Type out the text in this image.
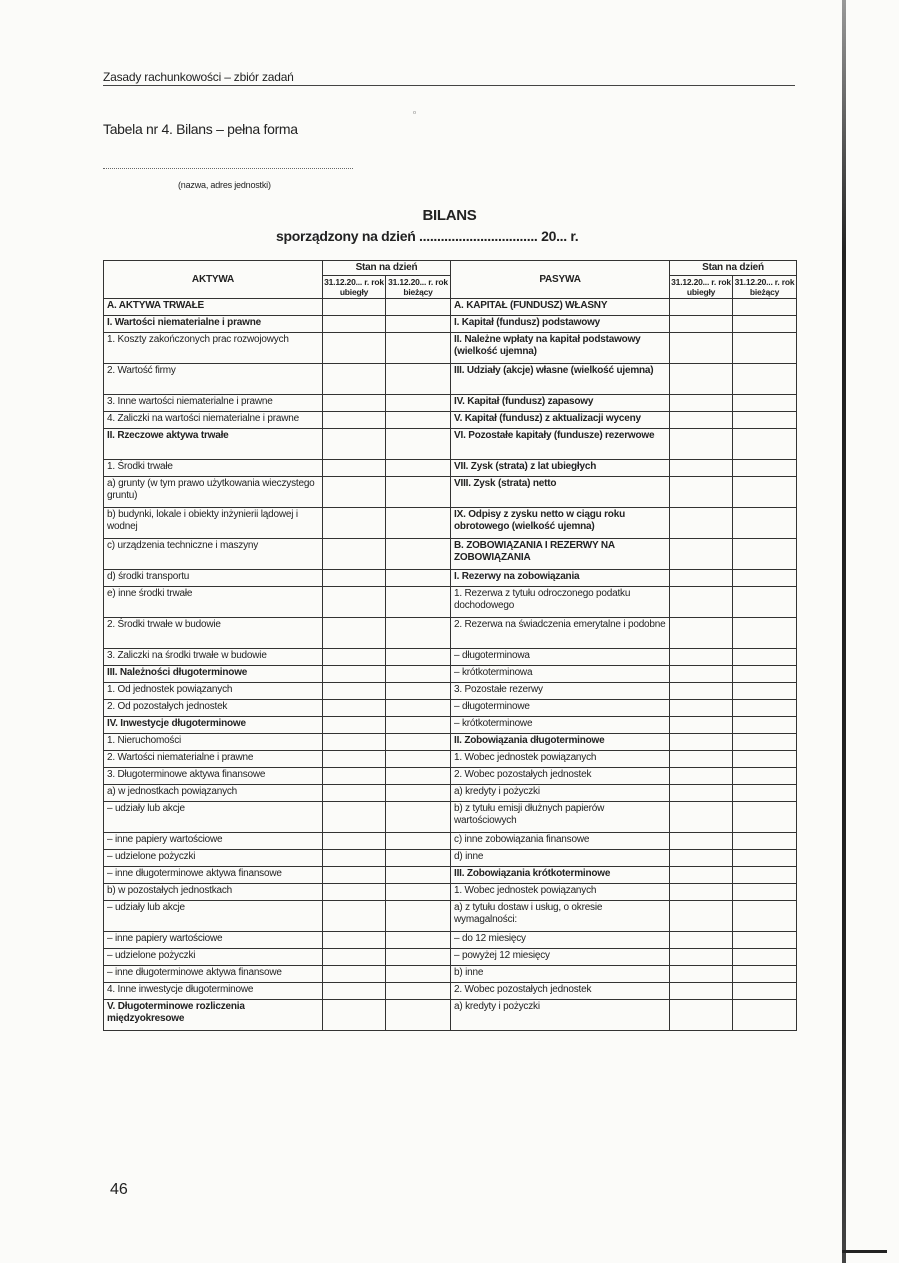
Zasady rachunkowości – zbiór zadań
ᵒ
Tabela nr 4. Bilans – pełna forma
(nazwa, adres jednostki)
BILANS
sporządzony na dzień ................................. 20... r.
AKTYWA	Stan na dzień		PASYWA	Stan na dzień	
	31.12.20... r. rok ubiegły	31.12.20... r. rok bieżący		31.12.20... r. rok ubiegły	31.12.20... r. rok bieżący
A. AKTYWA TRWAŁE			A. KAPITAŁ (FUNDUSZ) WŁASNY		
I. Wartości niematerialne i prawne			I. Kapitał (fundusz) podstawowy		
1. Koszty zakończonych prac rozwojowych			II. Należne wpłaty na kapitał podstawowy (wielkość ujemna)		
2. Wartość firmy			III. Udziały (akcje) własne (wielkość ujemna)		
3. Inne wartości niematerialne i prawne			IV. Kapitał (fundusz) zapasowy		
4. Zaliczki na wartości niematerialne i prawne			V. Kapitał (fundusz) z aktualizacji wyceny		
II. Rzeczowe aktywa trwałe			VI. Pozostałe kapitały (fundusze) rezerwowe		
1. Środki trwałe			VII. Zysk (strata) z lat ubiegłych		
a) grunty (w tym prawo użytkowania wieczystego gruntu)			VIII. Zysk (strata) netto		
b) budynki, lokale i obiekty inżynierii lądowej i wodnej			IX. Odpisy z zysku netto w ciągu roku obrotowego (wielkość ujemna)		
c) urządzenia techniczne i maszyny			B. ZOBOWIĄZANIA I REZERWY NA ZOBOWIĄZANIA		
d) środki transportu			I. Rezerwy na zobowiązania		
e) inne środki trwałe			1. Rezerwa z tytułu odroczonego podatku dochodowego		
2. Środki trwałe w budowie			2. Rezerwa na świadczenia emerytalne i podobne		
3. Zaliczki na środki trwałe w budowie			– długoterminowa		
III. Należności długoterminowe			– krótkoterminowa		
1. Od jednostek powiązanych			3. Pozostałe rezerwy		
2. Od pozostałych jednostek			– długoterminowe		
IV. Inwestycje długoterminowe			– krótkoterminowe		
1. Nieruchomości			II. Zobowiązania długoterminowe		
2. Wartości niematerialne i prawne			1. Wobec jednostek powiązanych		
3. Długoterminowe aktywa finansowe			2. Wobec pozostałych jednostek		
a) w jednostkach powiązanych			a) kredyty i pożyczki		
– udziały lub akcje			b) z tytułu emisji dłużnych papierów wartościowych		
– inne papiery wartościowe			c) inne zobowiązania finansowe		
– udzielone pożyczki			d) inne		
– inne długoterminowe aktywa finansowe			III. Zobowiązania krótkoterminowe		
b) w pozostałych jednostkach			1. Wobec jednostek powiązanych		
– udziały lub akcje			a) z tytułu dostaw i usług, o okresie wymagalności:		
– inne papiery wartościowe			– do 12 miesięcy		
– udzielone pożyczki			– powyżej 12 miesięcy		
– inne długoterminowe aktywa finansowe			b) inne		
4. Inne inwestycje długoterminowe			2. Wobec pozostałych jednostek		
V. Długoterminowe rozliczenia międzyokresowe			a) kredyty i pożyczki		
46
